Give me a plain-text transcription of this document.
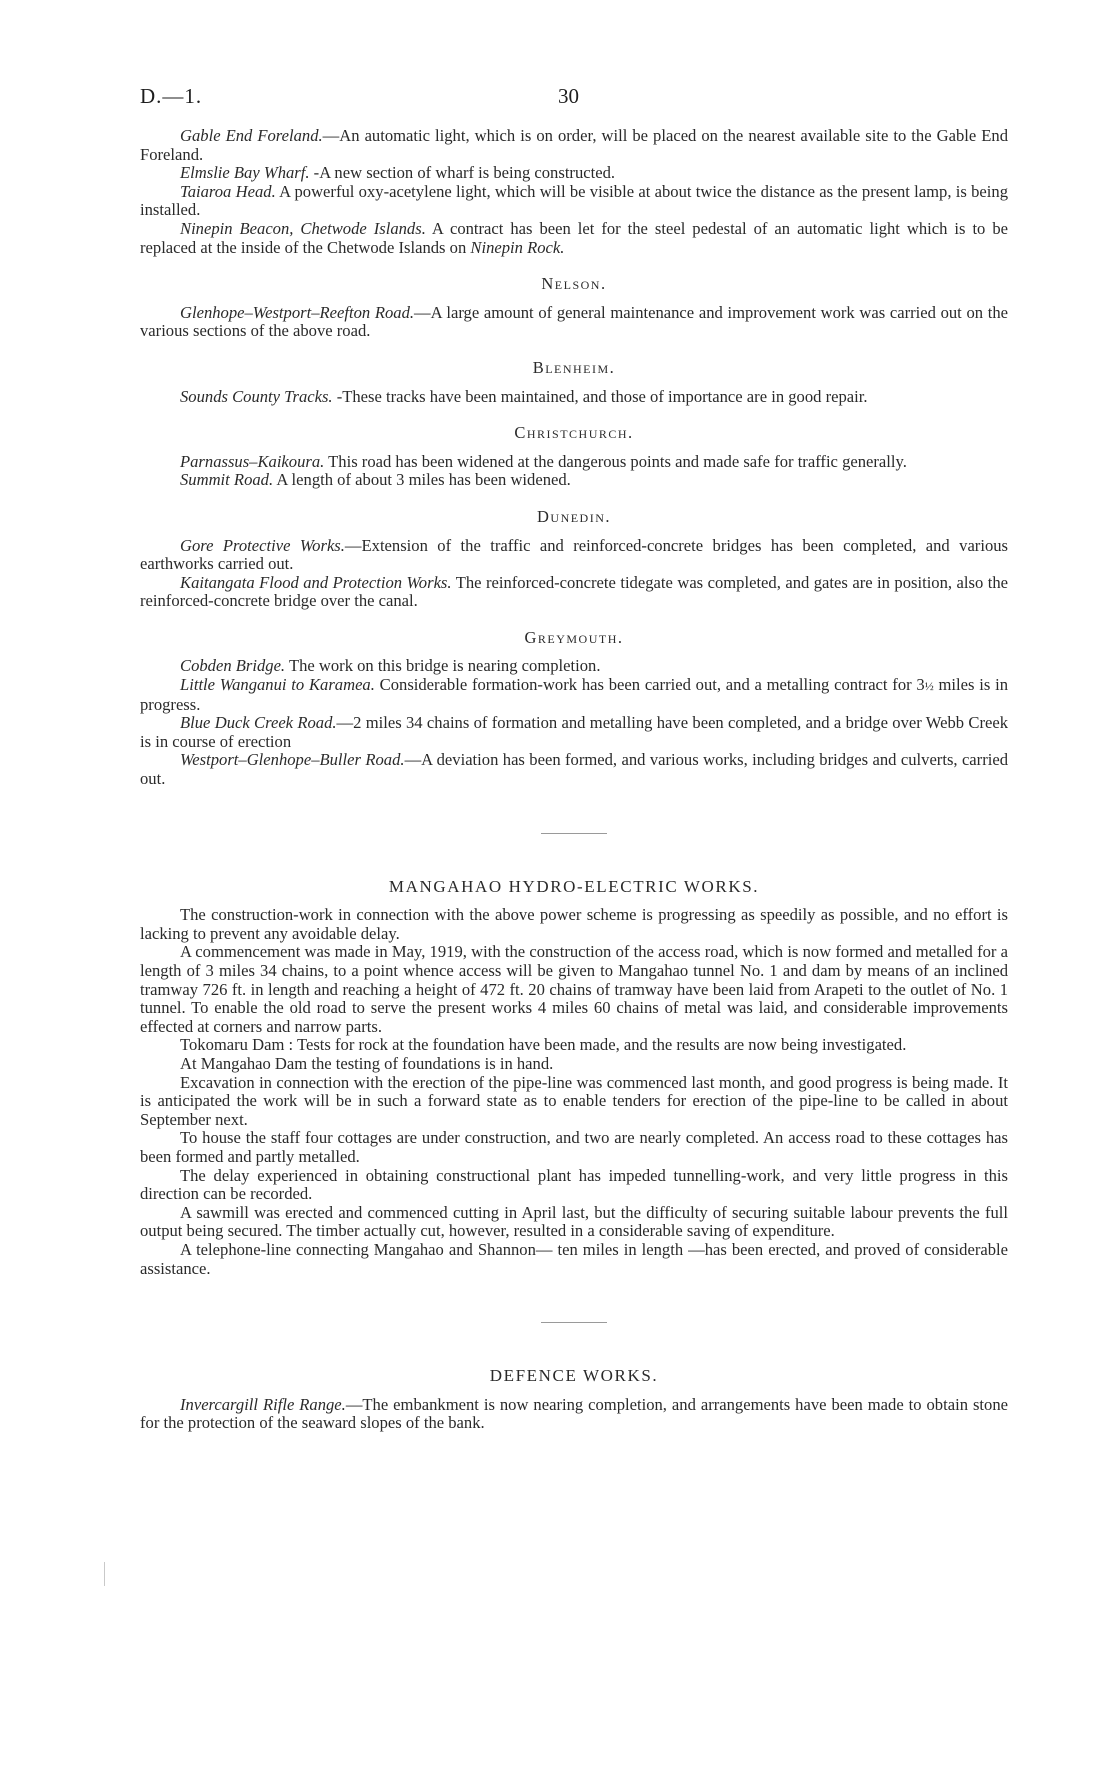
D.—1.	30

Gable End Foreland.—An automatic light, which is on order, will be placed on the nearest available site to the Gable End Foreland.

Elmslie Bay Wharf. -A new section of wharf is being constructed.

Taiaroa Head. A powerful oxy-acetylene light, which will be visible at about twice the distance as the present lamp, is being installed.

Ninepin Beacon, Chetwode Islands. A contract has been let for the steel pedestal of an automatic light which is to be replaced at the inside of the Chetwode Islands on Ninepin Rock.

Nelson.

Glenhope–Westport–Reefton Road.—A large amount of general maintenance and improvement work was carried out on the various sections of the above road.

Blenheim.

Sounds County Tracks. -These tracks have been maintained, and those of importance are in good repair.

Christchurch.

Parnassus–Kaikoura. This road has been widened at the dangerous points and made safe for traffic generally.

Summit Road. A length of about 3 miles has been widened.

Dunedin.

Gore Protective Works.—Extension of the traffic and reinforced-concrete bridges has been completed, and various earthworks carried out.

Kaitangata Flood and Protection Works. The reinforced-concrete tidegate was completed, and gates are in position, also the reinforced-concrete bridge over the canal.

Greymouth.

Cobden Bridge. The work on this bridge is nearing completion.

Little Wanganui to Karamea. Considerable formation-work has been carried out, and a metalling contract for 3½ miles is in progress.

Blue Duck Creek Road.—2 miles 34 chains of formation and metalling have been completed, and a bridge over Webb Creek is in course of erection

Westport–Glenhope–Buller Road.—A deviation has been formed, and various works, including bridges and culverts, carried out.

MANGAHAO HYDRO-ELECTRIC WORKS.

The construction-work in connection with the above power scheme is progressing as speedily as possible, and no effort is lacking to prevent any avoidable delay.

A commencement was made in May, 1919, with the construction of the access road, which is now formed and metalled for a length of 3 miles 34 chains, to a point whence access will be given to Mangahao tunnel No. 1 and dam by means of an inclined tramway 726 ft. in length and reaching a height of 472 ft. 20 chains of tramway have been laid from Arapeti to the outlet of No. 1 tunnel. To enable the old road to serve the present works 4 miles 60 chains of metal was laid, and considerable improvements effected at corners and narrow parts.

Tokomaru Dam : Tests for rock at the foundation have been made, and the results are now being investigated.

At Mangahao Dam the testing of foundations is in hand.

Excavation in connection with the erection of the pipe-line was commenced last month, and good progress is being made. It is anticipated the work will be in such a forward state as to enable tenders for erection of the pipe-line to be called in about September next.

To house the staff four cottages are under construction, and two are nearly completed. An access road to these cottages has been formed and partly metalled.

The delay experienced in obtaining constructional plant has impeded tunnelling-work, and very little progress in this direction can be recorded.

A sawmill was erected and commenced cutting in April last, but the difficulty of securing suitable labour prevents the full output being secured. The timber actually cut, however, resulted in a considerable saving of expenditure.

A telephone-line connecting Mangahao and Shannon— ten miles in length —has been erected, and proved of considerable assistance.

DEFENCE WORKS.

Invercargill Rifle Range.—The embankment is now nearing completion, and arrangements have been made to obtain stone for the protection of the seaward slopes of the bank.
